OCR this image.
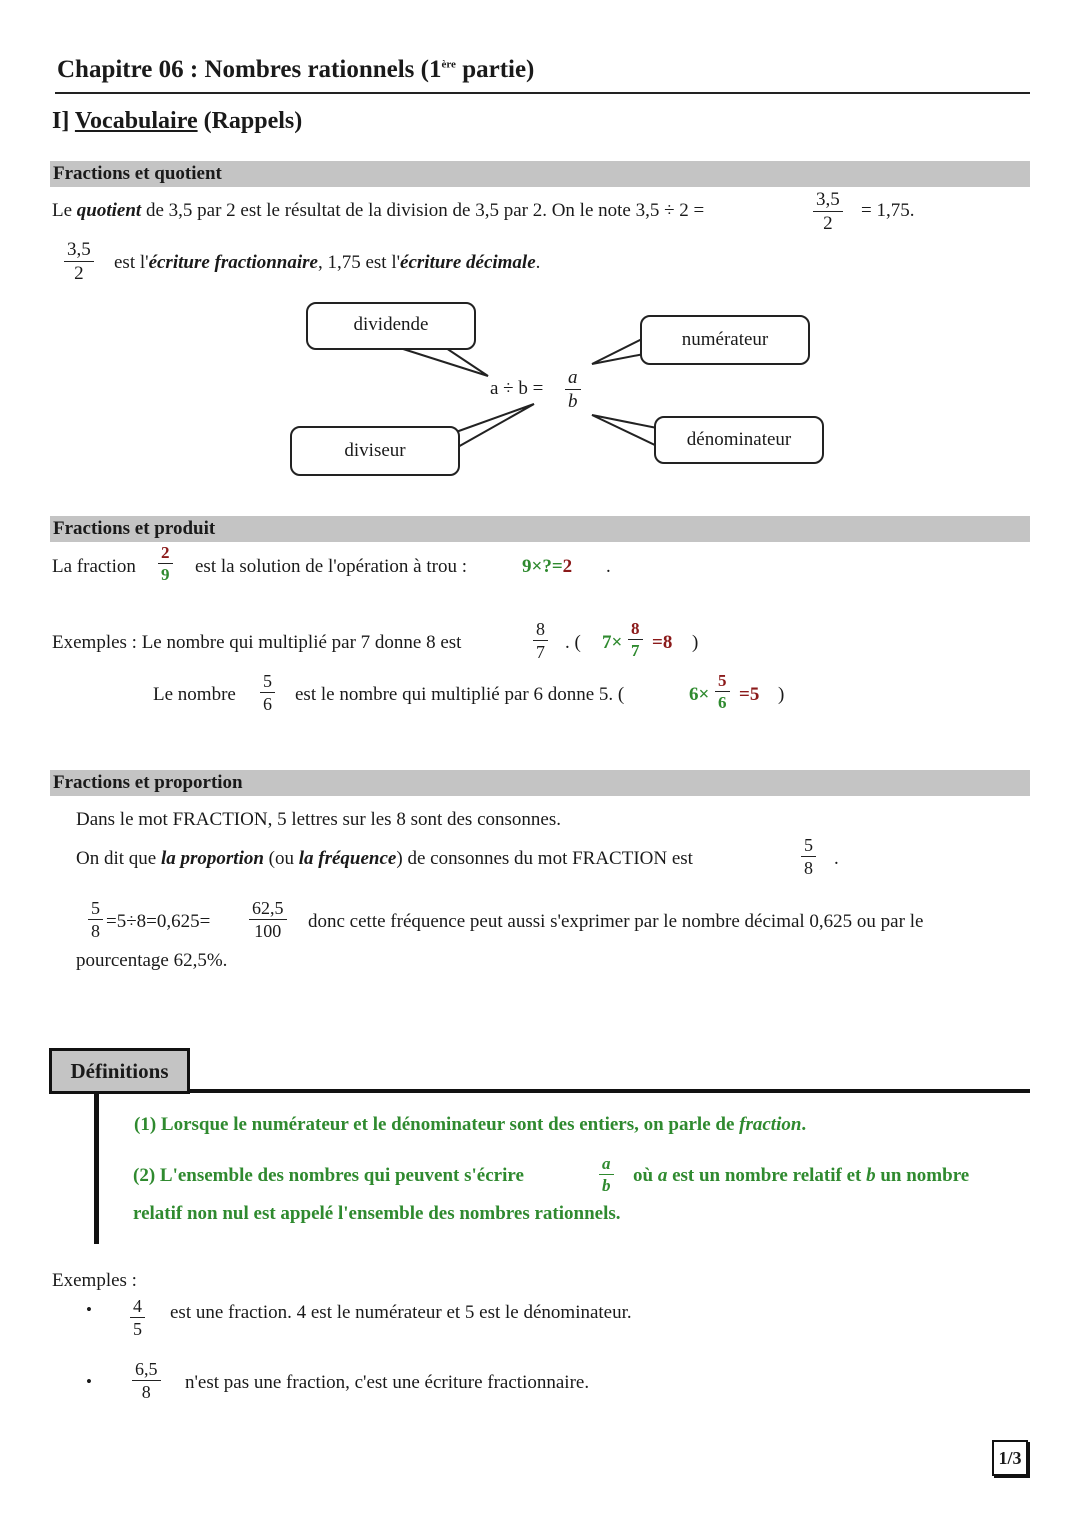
Chapitre 06 : Nombres rationnels (1ère partie)
I] Vocabulaire (Rappels)
Fractions et quotient
Le quotient de 3,5 par 2 est le résultat de la division de 3,5 par 2. On le note 3,5 ÷ 2 =	$\frac{3,5}{2} = 1,75$.
$\frac{3,5}{2}$ est l'écriture fractionnaire, 1,75 est l'écriture décimale.
dividende
numérateur
dénominateur
diviseur
$a \div b = \frac{a}{b}$
Fractions et produit
La fraction $\frac{2}{9}$ est la solution de l'opération à trou :	9×?=2 .
Exemples : Le nombre qui multiplié par 7 donne 8 est	$\frac{8}{7}$ . ( $7\times \frac{8}{7} =8$ )
Le nombre $\frac{5}{6}$ est le nombre qui multiplié par 6 donne 5. (	$6\times \frac{5}{6} =5$ )
Fractions et proportion
Dans le mot FRACTION, 5 lettres sur les 8 sont des consonnes.
On dit que la proportion (ou la fréquence) de consonnes du mot FRACTION est	$\frac{5}{8}$ .
$\frac{5}{8} =5\div 8=0,625= \frac{62,5}{100}$ donc cette fréquence peut aussi s'exprimer par le nombre décimal 0,625 ou par le
pourcentage 62,5%.
Définitions
(1) Lorsque le numérateur et le dénominateur sont des entiers, on parle de fraction.
(2) L'ensemble des nombres qui peuvent s'écrire	$\frac{a}{b}$ où a est un nombre relatif et b un nombre
relatif non nul est appelé l'ensemble des nombres rationnels.
Exemples :
• $\frac{4}{5}$ est une fraction. 4 est le numérateur et 5 est le dénominateur.
• $\frac{6,5}{8} n'est$ pas une fraction, c'est une écriture fractionnaire.
1/3
